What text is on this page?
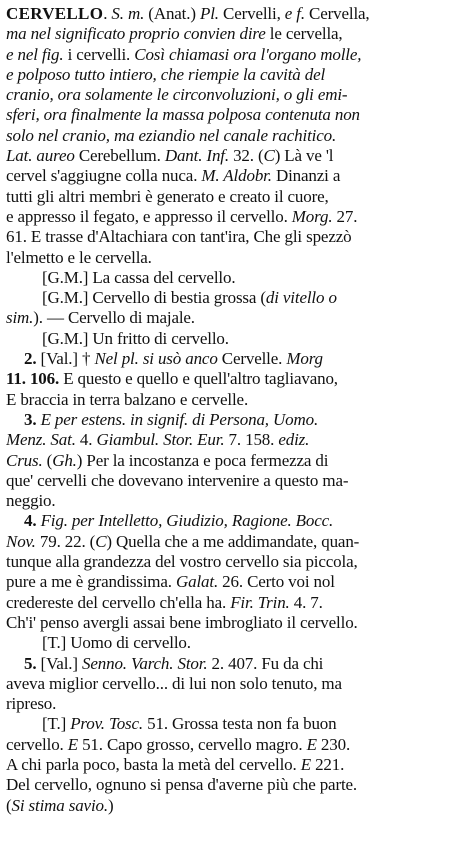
CERVELLO. S. m. (Anat.) Pl. Cervelli, e f. Cervella,
ma nel significato proprio convien dire le cervella,
e nel fig. i cervelli. Così chiamasi ora l'organo molle,
e polposo tutto intiero, che riempie la cavità del
cranio, ora solamente le circonvoluzioni, o gli emi-
sferi, ora finalmente la massa polposa contenuta non
solo nel cranio, ma eziandio nel canale rachitico.
Lat. aureo Cerebellum. Dant. Inf. 32. (C) Là ve 'l
cervel s'aggiugne colla nuca. M. Aldobr. Dinanzi a
tutti gli altri membri è generato e creato il cuore,
e appresso il fegato, e appresso il cervello. Morg. 27.
61. E trasse d'Altachiara con tant'ira, Che gli spezzò
l'elmetto e le cervella.
[G.M.] La cassa del cervello.
[G.M.] Cervello di bestia grossa (di vitello o
sim.). — Cervello di majale.
[G.M.] Un fritto di cervello.
2. [Val.] † Nel pl. si usò anco Cervelle. Morg
11. 106. E questo e quello e quell'altro tagliavano,
E braccia in terra balzano e cervelle.
3. E per estens. in signif. di Persona, Uomo.
Menz. Sat. 4. Giambul. Stor. Eur. 7. 158. ediz.
Crus. (Gh.) Per la incostanza e poca fermezza di
que' cervelli che dovevano intervenire a questo ma-
neggio.
4. Fig. per Intelletto, Giudizio, Ragione. Bocc.
Nov. 79. 22. (C) Quella che a me addimandate, quan-
tunque alla grandezza del vostro cervello sia piccola,
pure a me è grandissima. Galat. 26. Certo voi nol
credereste del cervello ch'ella ha. Fir. Trin. 4. 7.
Ch'i' penso avergli assai bene imbrogliato il cervello.
[T.] Uomo di cervello.
5. [Val.] Senno. Varch. Stor. 2. 407. Fu da chi
aveva miglior cervello... di lui non solo tenuto, ma
ripreso.
[T.] Prov. Tosc. 51. Grossa testa non fa buon
cervello. E 51. Capo grosso, cervello magro. E 230.
A chi parla poco, basta la metà del cervello. E 221.
Del cervello, ognuno si pensa d'averne più che parte.
(Si stima savio.)
